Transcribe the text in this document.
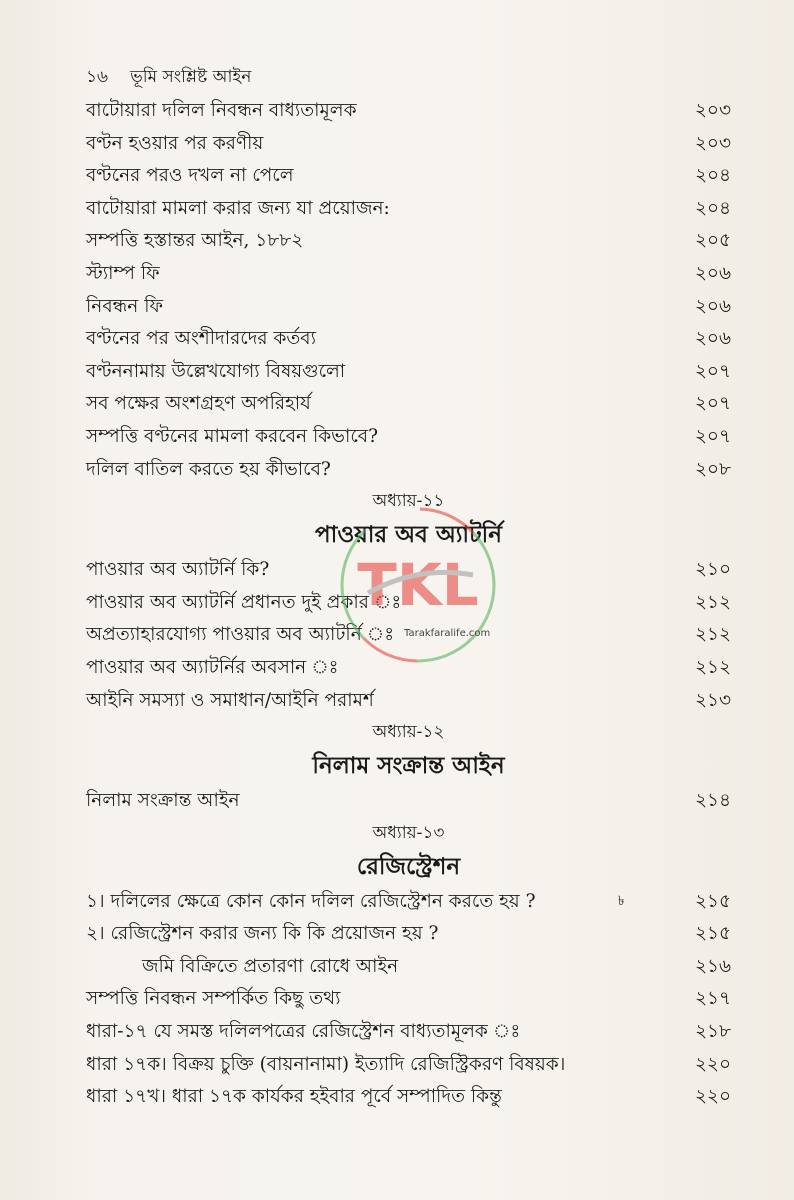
১৬ ভূমি সংশ্লিষ্ট আইন
বাটোয়ারা দলিল নিবন্ধন বাধ্যতামূলক	২০৩
বণ্টন হওয়ার পর করণীয়	২০৩
বণ্টনের পরও দখল না পেলে	২০৪
বাটোয়ারা মামলা করার জন্য যা প্রয়োজন:	২০৪
সম্পত্তি হস্তান্তর আইন, ১৮৮২	২০৫
স্ট্যাম্প ফি	২০৬
নিবন্ধন ফি	২০৬
বণ্টনের পর অংশীদারদের কর্তব্য	২০৬
বণ্টননামায় উল্লেখযোগ্য বিষয়গুলো	২০৭
সব পক্ষের অংশগ্রহণ অপরিহার্য	২০৭
সম্পত্তি বণ্টনের মামলা করবেন কিভাবে?	২০৭
দলিল বাতিল করতে হয় কীভাবে?	২০৮
অধ্যায়-১১
পাওয়ার অব অ্যাটর্নি
পাওয়ার অব অ্যাটর্নি কি?	২১০
পাওয়ার অব অ্যাটর্নি প্রধানত দুই প্রকার ঃ	২১২
অপ্রত্যাহারযোগ্য পাওয়ার অব অ্যাটর্নি ঃ	২১২
পাওয়ার অব অ্যাটর্নির অবসান ঃ	২১২
আইনি সমস্যা ও সমাধান/আইনি পরামর্শ	২১৩
অধ্যায়-১২
নিলাম সংক্রান্ত আইন
নিলাম সংক্রান্ত আইন	২১৪
অধ্যায়-১৩
রেজিস্ট্রেশন
১। দলিলের ক্ষেত্রে কোন কোন দলিল রেজিস্ট্রেশন করতে হয় ?	২১৫
২। রেজিস্ট্রেশন করার জন্য কি কি প্রয়োজন হয় ?	২১৫
জমি বিক্রিতে প্রতারণা রোধে আইন	২১৬
সম্পত্তি নিবন্ধন সম্পর্কিত কিছু তথ্য	২১৭
ধারা-১৭ যে সমস্ত দলিলপত্রের রেজিস্ট্রেশন বাধ্যতামূলক ঃ	২১৮
ধারা ১৭ক। বিক্রয় চুক্তি (বায়নানামা) ইত্যাদি রেজিস্ট্রিকরণ বিষয়ক।	২২০
ধারা ১৭খ। ধারা ১৭ক কার্যকর হইবার পূর্বে সম্পাদিত কিন্তু	২২০
TKL
Tarakfaralife.com
৳
